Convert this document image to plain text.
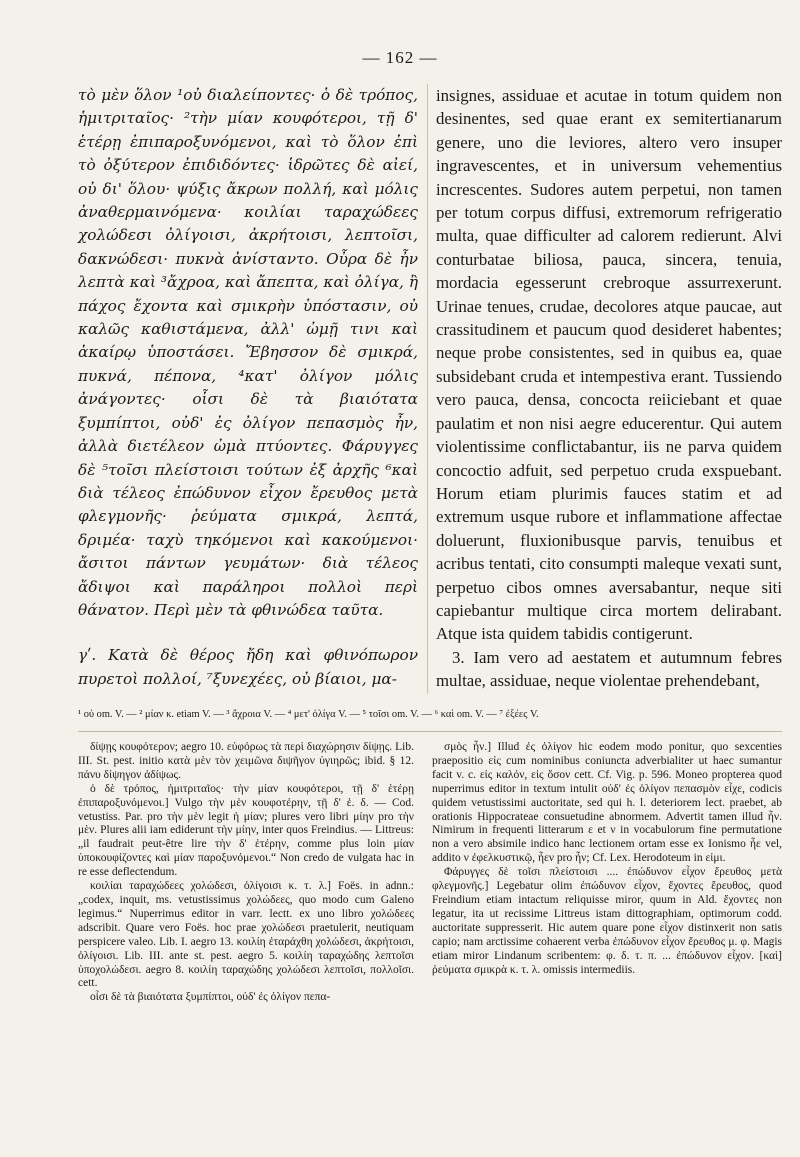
— 162 —

τὸ μὲν ὅλον ¹οὐ διαλείποντες· ὁ δὲ τρόπος, ἡμιτριταῖος· ²τὴν μίαν κουφότεροι, τῇ δ' ἑτέρῃ ἐπιπαροξυνόμενοι, καὶ τὸ ὅλον ἐπὶ τὸ ὀξύτερον ἐπιδιδόντες· ἱδρῶτες δὲ αἰεί, οὐ δι' ὅλου· ψύξις ἄκρων πολλή, καὶ μόλις ἀναθερμαινόμενα· κοιλίαι ταραχώδεες χολώδεσι ὀλίγοισι, ἀκρήτοισι, λεπτοῖσι, δακνώδεσι· πυκνὰ ἀνίσταντο. Οὖρα δὲ ἦν λεπτὰ καὶ ³ἄχροα, καὶ ἄπεπτα, καὶ ὀλίγα, ἢ πάχος ἔχοντα καὶ σμικρὴν ὑπόστασιν, οὐ καλῶς καθιστάμενα, ἀλλ' ὠμῇ τινι καὶ ἀκαίρῳ ὑποστάσει. Ἔβησσον δὲ σμικρά, πυκνά, πέπονα, ⁴κατ' ὀλίγον μόλις ἀνάγοντες· οἷσι δὲ τὰ βιαιότατα ξυμπίπτοι, οὐδ' ἐς ὀλίγον πεπασμὸς ἦν, ἀλλὰ διετέλεον ὠμὰ πτύοντες. Φάρυγγες δὲ ⁵τοῖσι πλείστοισι τούτων ἐξ ἀρχῆς ⁶καὶ διὰ τέλεος ἐπώδυνον εἶχον ἔρευθος μετὰ φλεγμονῆς· ῥεύματα σμικρά, λεπτά, δριμέα· ταχὺ τηκόμενοι καὶ κακούμενοι· ἄσιτοι πάντων γευμάτων· διὰ τέλεος ἄδιψοι καὶ παράληροι πολλοὶ περὶ θάνατον. Περὶ μὲν τὰ φθινώδεα ταῦτα.

γʹ. Κατὰ δὲ θέρος ἤδη καὶ φθινόπωρον πυρετοὶ πολλοί, ⁷ξυνεχέες, οὐ βίαιοι, μα-

insignes, assiduae et acutae in totum quidem non desinentes, sed quae erant ex semitertianarum genere, uno die leviores, altero vero insuper ingravescentes, et in universum vehementius increscentes. Sudores autem perpetui, non tamen per totum corpus diffusi, extremorum refrigeratio multa, quae difficulter ad calorem redierunt. Alvi conturbatae biliosa, pauca, sincera, tenuia, mordacia egesserunt crebroque assurrexerunt. Urinae tenues, crudae, decolores atque paucae, aut crassitudinem et paucum quod desideret habentes; neque probe consistentes, sed in quibus ea, quae subsidebant cruda et intempestiva erant. Tussiendo vero pauca, densa, concocta reiiciebant et quae paulatim et non nisi aegre educerentur. Qui autem violentissime conflictabantur, iis ne parva quidem concoctio adfuit, sed perpetuo cruda exspuebant. Horum etiam plurimis fauces statim et ad extremum usque rubore et inflammatione affectae doluerunt, fluxionibusque parvis, tenuibus et acribus tentati, cito consumpti maleque vexati sunt, perpetuo cibos omnes aversabantur, neque siti capiebantur multique circa mortem delirabant. Atque ista quidem tabidis contigerunt.

3. Iam vero ad aestatem et autumnum febres multae, assiduae, neque violentae prehendebant,

¹ οὐ om. V. — ² μίαν κ. etiam V. — ³ ἄχροια V. — ⁴ μετ' ὀλίγα V. — ⁵ τοῖσι om. V. — ⁶ καὶ om. V. — ⁷ ἐξέες V.

δίψῃς κουφότερον; aegro 10. εὐφόρως τὰ περὶ διαχώρησιν δίψῃς. Lib. III. St. pest. initio κατὰ μὲν τὸν χειμῶνα διψῆγον ὑγιηρῶς; ibid. § 12. πάνυ δίψηγον ἀδίψως.

ὁ δὲ τρόπος, ἡμιτριταῖος· τὴν μίαν κουφότεροι, τῇ δ' ἑτέρῃ ἐπιπαροξυνόμενοι.] Vulgo τὴν μὲν κουφοτέρην, τῇ δ' ἑ. δ. — Cod. vetustiss. Par. pro τὴν μὲν legit ἡ μίαν; plures vero libri μίην pro τὴν μὲν. Plures alii iam ediderunt τὴν μίην, inter quos Freindius. — Littreus: „il faudrait peut-être lire τὴν δ' ἑτέρην, comme plus loin μίαν ὑποκουφίζοντες καὶ μίαν παροξυνόμενοι.“ Non credo de vulgata hac in re esse deflectendum.

κοιλίαι ταραχώδεες χολώδεσι, ὀλίγοισι κ. τ. λ.] Foës. in adnn.: „codex, inquit, ms. vetustissimus χολώδεες, quo modo cum Galeno legimus.“ Nuperrimus editor in varr. lectt. ex uno libro χολώδεες adscribit. Quare vero Foës. hoc prae χολώδεσι praetulerit, neutiquam perspicere valeo. Lib. I. aegro 13. κοιλίη ἐταράχθη χολώδεσι, ἀκρήτοισι, ὀλίγοισι. Lib. III. ante st. pest. aegro 5. κοιλίη ταραχώδης λεπτοῖσι ὑποχολώδεσι. aegro 8. κοιλίη ταραχώδης χολώδεσι λεπτοῖσι, πολλοῖσι. cett.

οἷσι δὲ τὰ βιαιότατα ξυμπίπτοι, οὐδ' ἐς ὀλίγον πεπα-

σμὸς ἦν.] Illud ἐς ὀλίγον hic eodem modo ponitur, quo sexcenties praepositio εἰς cum nominibus coniuncta adverbialiter ut haec sumantur facit v. c. εἰς καλόν, εἰς ὅσον cett. Cf. Vig. p. 596. Moneo propterea quod nuperrimus editor in textum intulit οὐδ' ἐς ὀλίγον πεπασμὸν εἶχε, codicis quidem vetustissimi auctoritate, sed qui h. l. deteriorem lect. praebet, ab orationis Hippocrateae consuetudine abnormem. Advertit tamen illud ἦν. Nimirum in frequenti litterarum ε et ν in vocabulorum fine permutatione non a vero absimile indico hanc lectionem ortam esse ex Ionismo ἦε vel, addito ν ἐφελκυστικῷ, ἦεν pro ἦν; Cf. Lex. Herodoteum in εἰμι.

Φάρυγγες δὲ τοῖσι πλείστοισι .... ἐπώδυνον εἶχον ἔρευθος μετὰ φλεγμονῆς.] Legebatur olim ἐπώδυνον εἶχον, ἔχοντες ἔρευθος, quod Freindium etiam intactum reliquisse miror, quum in Ald. ἔχοντες non legatur, ita ut recissime Littreus istam dittographiam, optimorum codd. auctoritate suppresserit. Hic autem quare pone εἶχον distinxerit non satis capio; nam arctissime cohaerent verba ἐπώδυνον εἶχον ἔρευθος μ. φ. Magis etiam miror Lindanum scribentem: φ. δ. τ. π. ... ἐπώδυνον εἶχον. [καὶ] ῥεύματα σμικρὰ κ. τ. λ. omissis intermediis.
